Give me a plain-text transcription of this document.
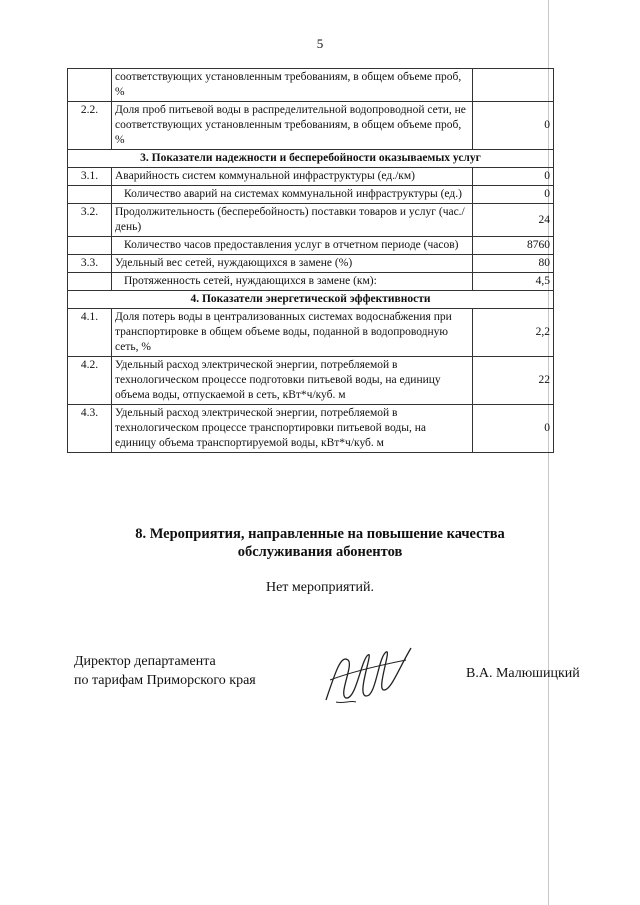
5
	соответствующих установленным требованиям, в общем объеме проб, %	
2.2.	Доля проб питьевой воды в распределительной водопроводной сети, не соответствующих установленным требованиям, в общем объеме проб, %	0
3. Показатели надежности и бесперебойности оказываемых услуг		
3.1.	Аварийность систем коммунальной инфраструктуры (ед./км)	0
	Количество аварий на системах коммунальной инфраструктуры (ед.)	0
3.2.	Продолжительность (бесперебойность) поставки товаров и услуг (час./день)	24
	Количество часов предоставления услуг в отчетном периоде (часов)	8760
3.3.	Удельный вес сетей, нуждающихся в замене (%)	80
	Протяженность сетей, нуждающихся в замене (км):	4,5
4. Показатели энергетической эффективности		
4.1.	Доля потерь воды в централизованных системах водоснабжения при транспортировке в общем объеме воды, поданной в водопроводную сеть, %	2,2
4.2.	Удельный расход электрической энергии, потребляемой в технологическом процессе подготовки питьевой воды, на единицу объема воды, отпускаемой в сеть, кВт*ч/куб. м	22
4.3.	Удельный расход электрической энергии, потребляемой в технологическом процессе транспортировки питьевой воды, на единицу объема транспортируемой воды, кВт*ч/куб. м	0
8. Мероприятия, направленные на повышение качества
обслуживания абонентов
Нет мероприятий.
Директор департамента
по тарифам Приморского края	В.А. Малюшицкий
